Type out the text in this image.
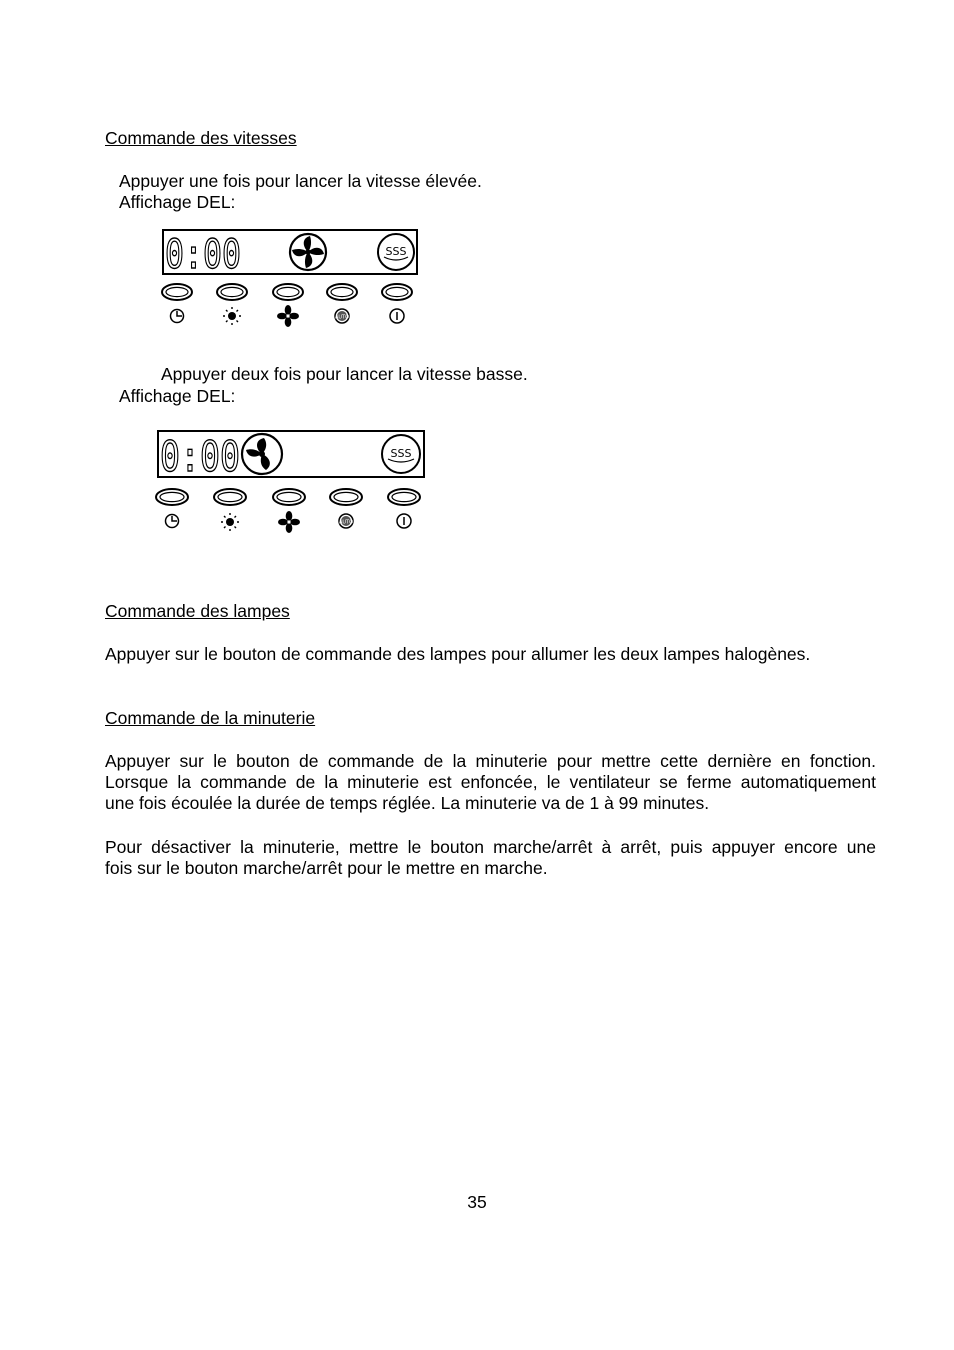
Commande des vitesses
Appuyer une fois pour lancer la vitesse élevée.
Affichage DEL:
0:00	SSS
AUTO
Appuyer deux fois pour lancer la vitesse basse.
Affichage DEL:
0:00	SSS
AUTO
Commande des lampes
Appuyer sur le bouton de commande des lampes pour allumer les deux lampes halogènes.
Commande de la minuterie
Appuyer sur le bouton de commande de la minuterie pour mettre cette dernière en fonction.
Lorsque la commande de la minuterie est enfoncée, le ventilateur se ferme automatiquement
une fois écoulée la durée de temps réglée. La minuterie va de 1 à 99 minutes.
Pour désactiver la minuterie, mettre le bouton marche/arrêt à arrêt, puis appuyer encore une
fois sur le bouton marche/arrêt pour le mettre en marche.
35
